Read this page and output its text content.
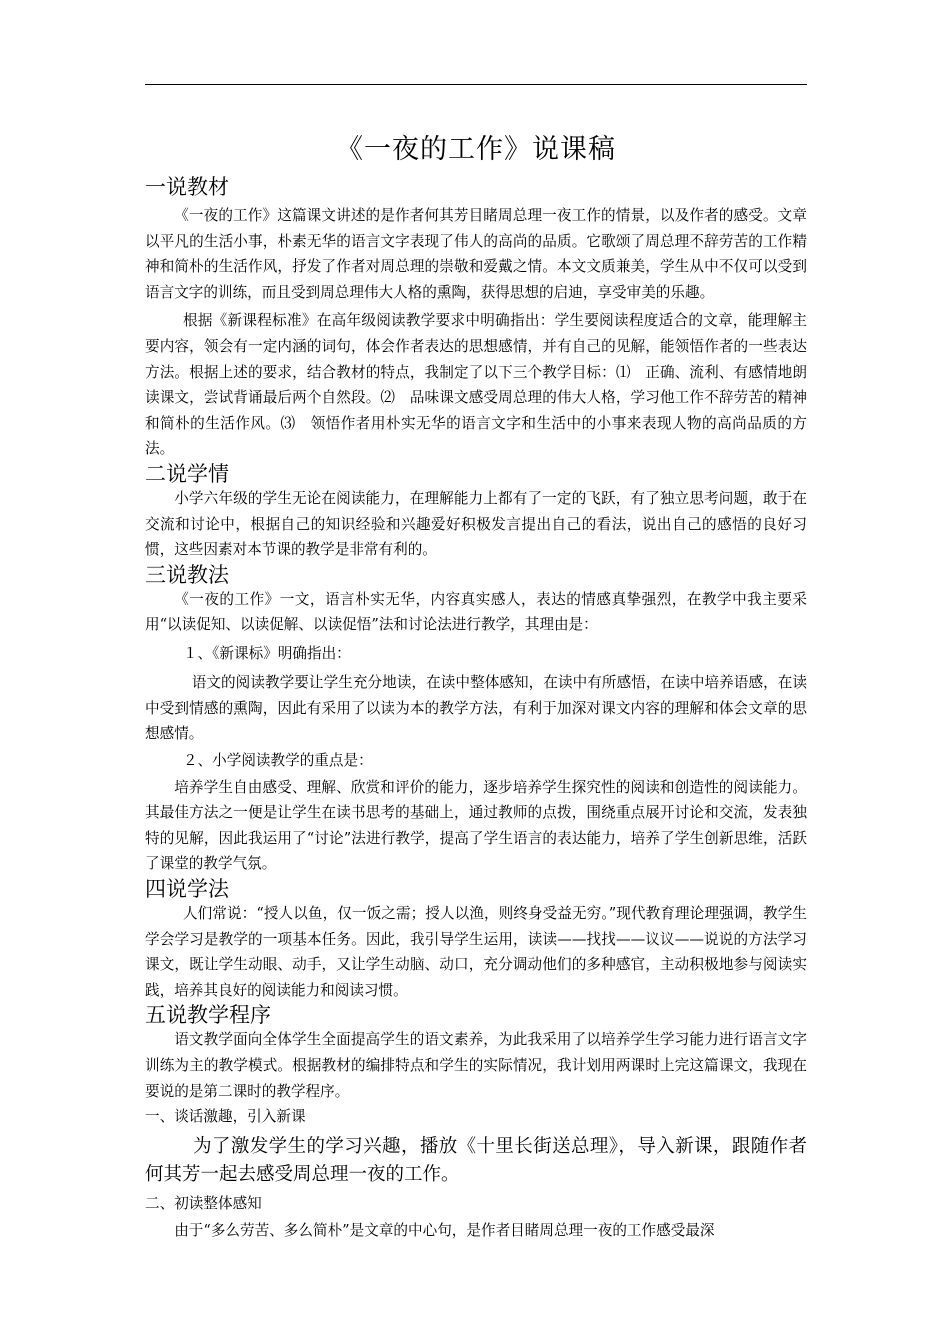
《一夜的工作》说课稿
一说教材

《一夜的工作》这篇课文讲述的是作者何其芳目睹周总理一夜工作的情景，以及作者的感受。文章以平凡的生活小事，朴素无华的语言文字表现了伟人的高尚的品质。它歌颂了周总理不辞劳苦的工作精神和简朴的生活作风，抒发了作者对周总理的崇敬和爱戴之情。本文文质兼美，学生从中不仅可以受到语言文字的训练，而且受到周总理伟大人格的熏陶，获得思想的启迪，享受审美的乐趣。

根据《新课程标准》在高年级阅读教学要求中明确指出：学生要阅读程度适合的文章，能理解主要内容，领会有一定内涵的词句，体会作者表达的思想感情，并有自己的见解，能领悟作者的一些表达方法。根据上述的要求，结合教材的特点，我制定了以下三个教学目标：⑴　正确、流利、有感情地朗读课文，尝试背诵最后两个自然段。⑵　品味课文感受周总理的伟大人格，学习他工作不辞劳苦的精神和简朴的生活作风。⑶　领悟作者用朴实无华的语言文字和生活中的小事来表现人物的高尚品质的方法。

二说学情

小学六年级的学生无论在阅读能力，在理解能力上都有了一定的飞跃，有了独立思考问题，敢于在交流和讨论中，根据自己的知识经验和兴趣爱好积极发言提出自己的看法，说出自己的感悟的良好习惯，这些因素对本节课的教学是非常有利的。

三说教法

《一夜的工作》一文，语言朴实无华，内容真实感人，表达的情感真挚强烈，在教学中我主要采用“以读促知、以读促解、以读促悟”法和讨论法进行教学，其理由是：

１、《新课标》明确指出：

语文的阅读教学要让学生充分地读，在读中整体感知，在读中有所感悟，在读中培养语感，在读中受到情感的熏陶，因此有采用了以读为本的教学方法，有利于加深对课文内容的理解和体会文章的思想感情。

２、小学阅读教学的重点是：

培养学生自由感受、理解、欣赏和评价的能力，逐步培养学生探究性的阅读和创造性的阅读能力。其最佳方法之一便是让学生在读书思考的基础上，通过教师的点拨，围绕重点展开讨论和交流，发表独特的见解，因此我运用了“讨论”法进行教学，提高了学生语言的表达能力，培养了学生创新思维，活跃了课堂的教学气氛。

四说学法

人们常说：“授人以鱼，仅一饭之需；授人以渔，则终身受益无穷。”现代教育理论理强调，教学生学会学习是教学的一项基本任务。因此，我引导学生运用，读读——找找——议议——说说的方法学习课文，既让学生动眼、动手，又让学生动脑、动口，充分调动他们的多种感官，主动积极地参与阅读实践，培养其良好的阅读能力和阅读习惯。

五说教学程序

语文教学面向全体学生全面提高学生的语文素养，为此我采用了以培养学生学习能力进行语言文字训练为主的教学模式。根据教材的编排特点和学生的实际情况，我计划用两课时上完这篇课文，我现在要说的是第二课时的教学程序。

一、谈话激趣，引入新课

为了激发学生的学习兴趣，播放《十里长街送总理》，导入新课，跟随作者何其芳一起去感受周总理一夜的工作。

二、初读整体感知

由于“多么劳苦、多么简朴”是文章的中心句，是作者目睹周总理一夜的工作感受最深
